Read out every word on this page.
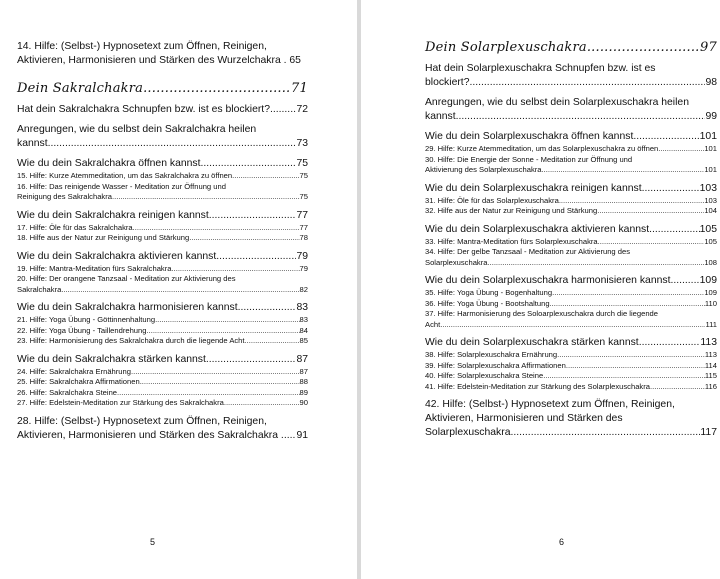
14. Hilfe: (Selbst-) Hypnosetext zum Öffnen, Reinigen,
Aktivieren, Harmonisieren und Stärken des Wurzelchakra . 65
Dein Sakralchakra .....	71
Hat dein Sakralchakra Schnupfen bzw. ist es blockiert? .....	72
Anregungen, wie du selbst dein Sakralchakra heilen
kannst .....	73
Wie du dein Sakralchakra öffnen kannst .....	75
15. Hilfe: Kurze Atemmeditation, um das Sakralchakra zu öffnen .....	75
16. Hilfe: Das reinigende Wasser - Meditation zur Öffnung und
Reinigung des Sakralchakra .....	75
Wie du dein Sakralchakra reinigen kannst .....	77
17. Hilfe: Öle für das Sakralchakra .....	77
18. Hilfe aus der Natur zur Reinigung und Stärkung .....	78
Wie du dein Sakralchakra aktivieren kannst .....	79
19. Hilfe: Mantra-Meditation fürs Sakralchakra .....	79
20. Hilfe: Der orangene Tanzsaal - Meditation zur Aktivierung des
Sakralchakra .....	82
Wie du dein Sakralchakra harmonisieren kannst .....	83
21. Hilfe: Yoga Übung - Göttinnenhaltung .....	83
22. Hilfe: Yoga Übung - Taillendrehung .....	84
23. Hilfe: Harmonisierung des Sakralchakra durch die liegende Acht .....	85
Wie du dein Sakralchakra stärken kannst .....	87
24. Hilfe: Sakralchakra Ernährung .....	87
25. Hilfe: Sakralchakra Affirmationen .....	88
26. Hilfe: Sakralchakra Steine .....	89
27. Hilfe: Edelstein-Meditation zur Stärkung des Sakralchakra .....	90
28. Hilfe: (Selbst-) Hypnosetext zum Öffnen, Reinigen,
Aktivieren, Harmonisieren und Stärken des Sakralchakra .. ..... 91
5
Dein Solarplexuschakra .....	97
Hat dein Solarplexuschakra Schnupfen bzw. ist es
blockiert? .....	98
Anregungen, wie du selbst dein Solarplexuschakra heilen
kannst .....	99
Wie du dein Solarplexuschakra öffnen kannst .....	101
29. Hilfe: Kurze Atemmeditation, um das Solarplexuschakra zu öffnen. .....	101
30. Hilfe: Die Energie der Sonne - Meditation zur Öffnung und
Aktivierung des Solarplexuschakra .....	101
Wie du dein Solarplexuschakra reinigen kannst .....	103
31. Hilfe: Öle für das Solarplexuschakra .....	103
32. Hilfe aus der Natur zur Reinigung und Stärkung .....	104
Wie du dein Solarplexuschakra aktivieren kannst .....	105
33. Hilfe: Mantra-Meditation fürs Solarplexuschakra .....	105
34. Hilfe: Der gelbe Tanzsaal - Meditation zur Aktivierung des
Solarplexuschakra .....	108
Wie du dein Solarplexuschakra harmonisieren kannst .....	109
35. Hilfe: Yoga Übung - Bogenhaltung .....	109
36. Hilfe: Yoga Übung - Bootshaltung .....	110
37. Hilfe: Harmonisierung des Soloarplexuschakra durch die liegende
Acht .....	111
Wie du dein Solarplexuschakra stärken kannst .....	113
38. Hilfe: Solarplexuschakra Ernährung .....	113
39. Hilfe: Solarplexuschakra Affirmationen .....	114
40. Hilfe: Solarplexuschakra Steine .....	115
41. Hilfe: Edelstein-Meditation zur Stärkung des Solarplexuschakra .....	116
42. Hilfe: (Selbst-) Hypnosetext zum Öffnen, Reinigen,
Aktivieren, Harmonisieren und Stärken des
Solarplexuschakra .....	117
6
